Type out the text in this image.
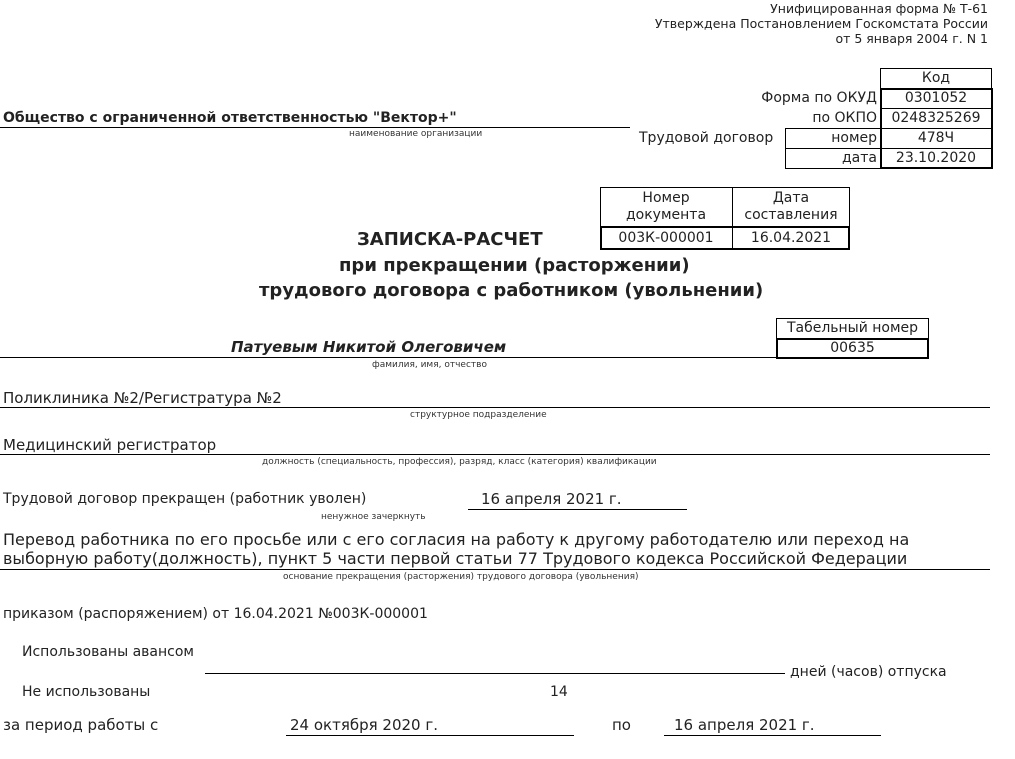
Унифицированная форма № Т-61
Утверждена Постановлением Госкомстата России
от 5 января 2004 г. N 1
Код
Форма по ОКУД	0301052
по ОКПО	0248325269
Трудовой договор	номер	478Ч
дата	23.10.2020
Общество с ограниченной ответственностью "Вектор+"
наименование организации
Номер
документа
Дата
составления
003К-000001	16.04.2021
ЗАПИСКА-РАСЧЕТ
при прекращении (расторжении)
трудового договора с работником (увольнении)
Табельный номер
00635
Патуевым Никитой Олеговичем
фамилия, имя, отчество
Поликлиника №2/Регистратура №2
структурное подразделение
Медицинский регистратор
должность (специальность, профессия), разряд, класс (категория) квалификации
Трудовой договор прекращен (работник уволен)	16 апреля 2021 г.
ненужное зачеркнуть
Перевод работника по его просьбе или с его согласия на работу к другому работодателю или переход на
выборную работу(должность), пункт 5 части первой статьи 77 Трудового кодекса Российской Федерации
основание прекращения (расторжения) трудового договора (увольнения)
приказом (распоряжением) от 16.04.2021 №003К-000001
Использованы авансом
дней (часов) отпуска
Не использованы	14
за период работы с	24 октября 2020 г.	по	16 апреля 2021 г.
